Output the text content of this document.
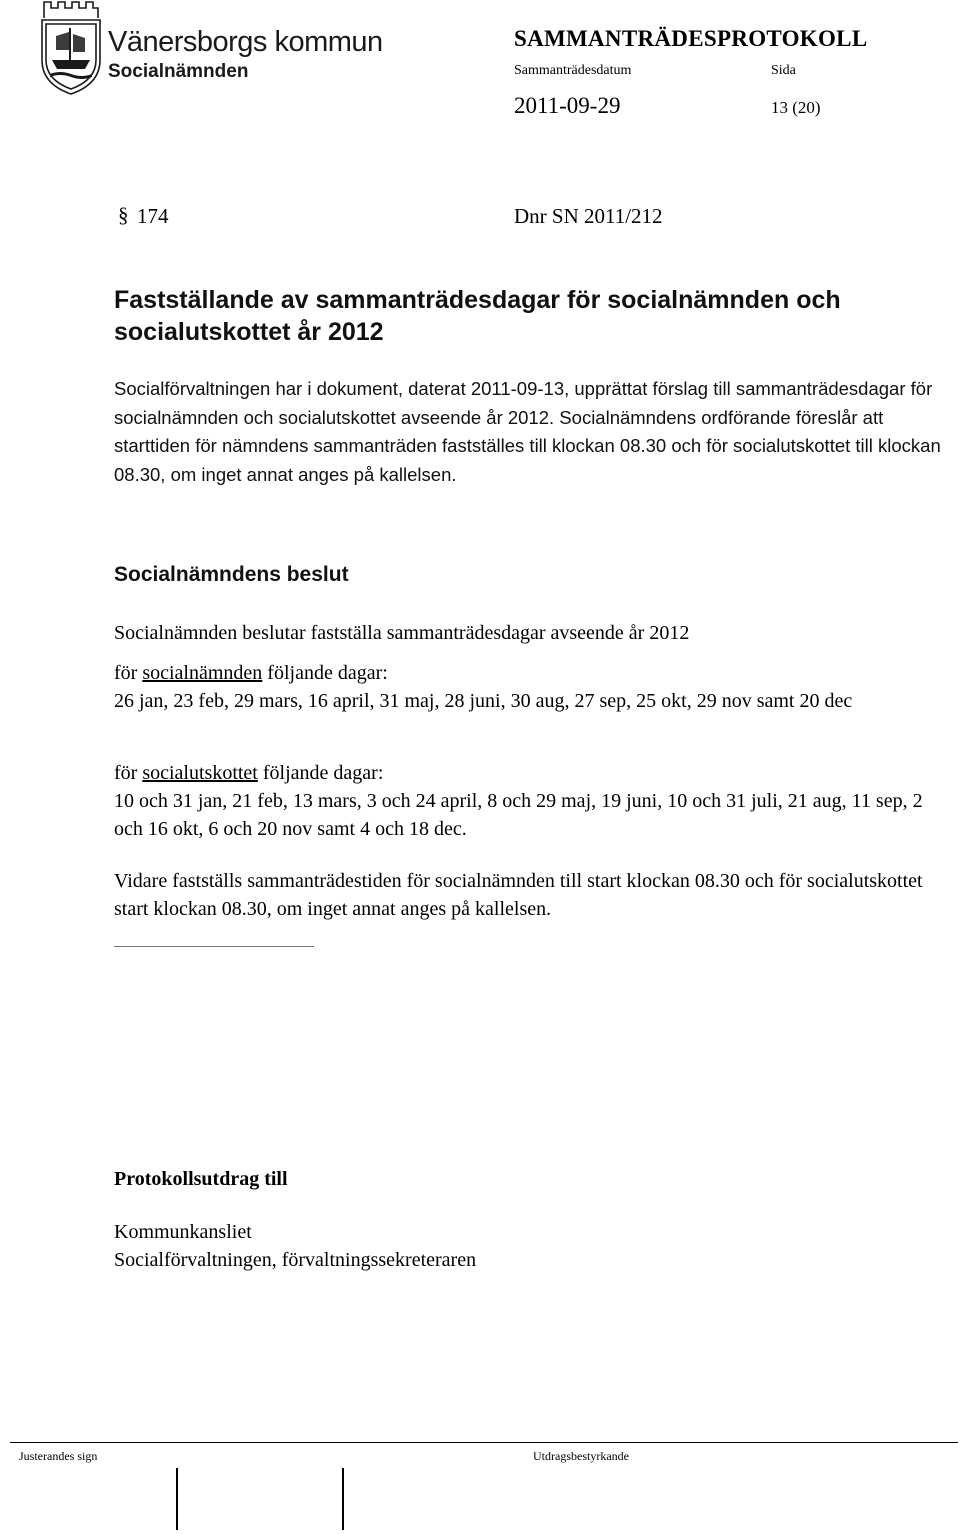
Vänersborgs kommun
Socialnämnden
SAMMANTRÄDESPROTOKOLL
Sammanträdesdatum	Sida
2011-09-29	13 (20)
§ 174	Dnr SN 2011/212
Fastställande av sammanträdesdagar för socialnämnden och socialutskottet år 2012
Socialförvaltningen har i dokument, daterat 2011-09-13, upprättat förslag till sammanträdesdagar för socialnämnden och socialutskottet avseende år 2012. Socialnämndens ordförande föreslår att starttiden för nämndens sammanträden fastställes till klockan 08.30 och för socialutskottet till klockan 08.30, om inget annat anges på kallelsen.
Socialnämndens beslut
Socialnämnden beslutar fastställa sammanträdesdagar avseende år 2012
för socialnämnden följande dagar:
26 jan, 23 feb, 29 mars, 16 april, 31 maj, 28 juni, 30 aug, 27 sep, 25 okt, 29 nov samt 20 dec
för socialutskottet följande dagar:
10 och 31 jan, 21 feb, 13 mars, 3 och 24 april, 8 och 29 maj, 19 juni, 10 och 31 juli, 21 aug, 11 sep, 2 och 16 okt, 6 och 20 nov samt 4 och 18 dec.
Vidare fastställs sammanträdestiden för socialnämnden till start klockan 08.30 och för socialutskottet start klockan 08.30, om inget annat anges på kallelsen.
Protokollsutdrag till
Kommunkansliet
Socialförvaltningen, förvaltningssekreteraren
Justerandes sign	Utdragsbestyrkande
